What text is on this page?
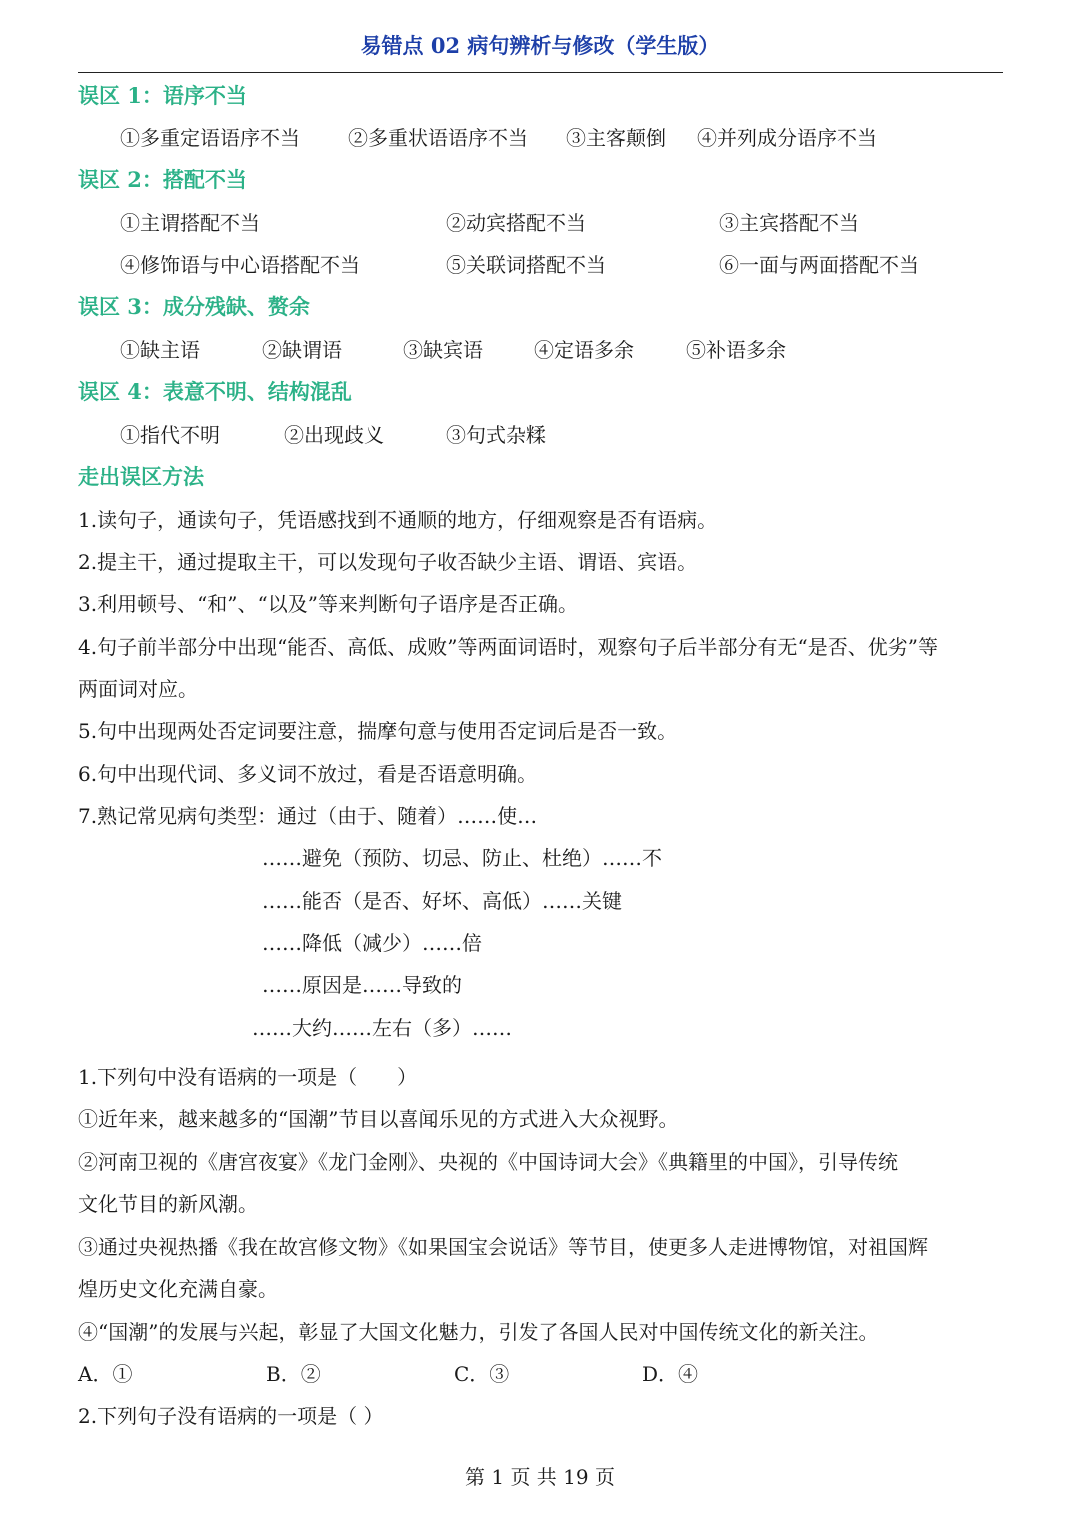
易错点 02 病句辨析与修改（学生版）
误区 1：语序不当
①多重定语语序不当 ②多重状语语序不当 ③主客颠倒 ④并列成分语序不当
误区 2：搭配不当
①主谓搭配不当	②动宾搭配不当	③主宾搭配不当
④修饰语与中心语搭配不当	⑤关联词搭配不当	⑥一面与两面搭配不当
误区 3：成分残缺、赘余
①缺主语	②缺谓语	③缺宾语	④定语多余	⑤补语多余
误区 4：表意不明、结构混乱
①指代不明	②出现歧义	③句式杂糅
走出误区方法
1.读句子，通读句子，凭语感找到不通顺的地方，仔细观察是否有语病。
2.提主干，通过提取主干，可以发现句子收否缺少主语、谓语、宾语。
3.利用顿号、“和”、“以及”等来判断句子语序是否正确。
4.句子前半部分中出现“能否、高低、成败”等两面词语时，观察句子后半部分有无“是否、优劣”等
两面词对应。
5.句中出现两处否定词要注意，揣摩句意与使用否定词后是否一致。
6.句中出现代词、多义词不放过，看是否语意明确。
7.熟记常见病句类型：通过（由于、随着）……使…
……避免（预防、切忌、防止、杜绝）……不
……能否（是否、好坏、高低）……关键
……降低（减少）……倍
……原因是……导致的
……大约……左右（多）……
1.下列句中没有语病的一项是（　　）
①近年来，越来越多的“国潮”节目以喜闻乐见的方式进入大众视野。
②河南卫视的《唐宫夜宴》《龙门金刚》、央视的《中国诗词大会》《典籍里的中国》，引导传统
文化节目的新风潮。
③通过央视热播《我在故宫修文物》《如果国宝会说话》等节目，使更多人走进博物馆，对祖国辉
煌历史文化充满自豪。
④“国潮”的发展与兴起，彰显了大国文化魅力，引发了各国人民对中国传统文化的新关注。
A．①	B．②	C．③	D．④
2.下列句子没有语病的一项是（ ）
第 1 页 共 19 页
